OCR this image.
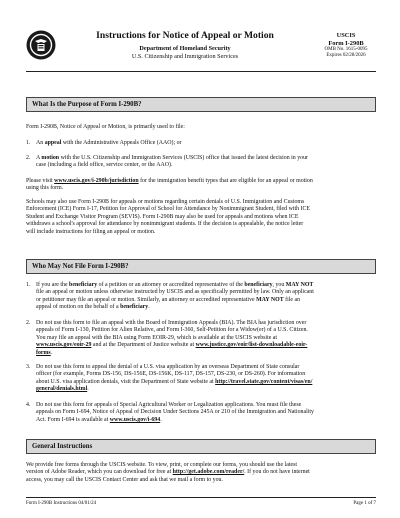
Instructions for Notice of Appeal or Motion
Department of Homeland Security
U.S. Citizenship and Immigration Services
USCIS
Form I-290B
OMB No. 1615-0095
Expires 02/28/2026
What Is the Purpose of Form I-290B?
Form I-290B, Notice of Appeal or Motion, is primarily used to file:
1. An appeal with the Administrative Appeals Office (AAO); or
2. A motion with the U.S. Citizenship and Immigration Services (USCIS) office that issued the latest decision in your
case (including a field office, service center, or the AAO).
Please visit www.uscis.gov/i-290b/jurisdiction for the immigration benefit types that are eligible for an appeal or motion
using this form.
Schools may also use Form I-290B for appeals or motions regarding certain denials of U.S. Immigration and Customs
Enforcement (ICE) Form I-17, Petition for Approval of School for Attendance by Nonimmigrant Student, filed with ICE
Student and Exchange Visitor Program (SEVIS). Form I-290B may also be used for appeals and motions when ICE
withdraws a school's approval for attendance by nonimmigrant students. If the decision is appealable, the notice letter
will include instructions for filing an appeal or motion.
Who May Not File Form I-290B?
1. If you are the beneficiary of a petition or an attorney or accredited representative of the beneficiary, you MAY NOT
file an appeal or motion unless otherwise instructed by USCIS and as specifically permitted by law. Only an applicant
or petitioner may file an appeal or motion. Similarly, an attorney or accredited representative MAY NOT file an
appeal of motion on the behalf of a beneficiary.
2. Do not use this form to file an appeal with the Board of Immigration Appeals (BIA). The BIA has jurisdiction over
appeals of Form I-130, Petition for Alien Relative, and Form I-360, Self-Petition for a Widow(er) of a U.S. Citizen.
You may file an appeal with the BIA using Form EOIR-29, which is available at the USCIS website at
www.uscis.gov/eoir-29 and at the Department of Justice website at www.justice.gov/eoir/list-downloadable-eoir-
forms.
3. Do not use this form to appeal the denial of a U.S. visa application by an overseas Department of State consular
officer (for example, Forms DS-156, DS-156E, DS-156K, DS-117, DS-157, DS-230, or DS-260). For information
about U.S. visa application denials, visit the Department of State website at http://travel.state.gov/content/visas/en/
general/denials.html.
4. Do not use this form for appeals of Special Agricultural Worker or Legalization applications. You must file these
appeals on Form I-694, Notice of Appeal of Decision Under Sections 245A or 210 of the Immigration and Nationality
Act. Form I-694 is available at www.uscis.gov/i-694.
General Instructions
We provide free forms through the USCIS website. To view, print, or complete our forms, you should use the latest
version of Adobe Reader, which you can download for free at http://get.adobe.com/reader/. If you do not have internet
access, you may call the USCIS Contact Center and ask that we mail a form to you.
Form I-290B Instructions 04/01/24	Page 1 of 7
